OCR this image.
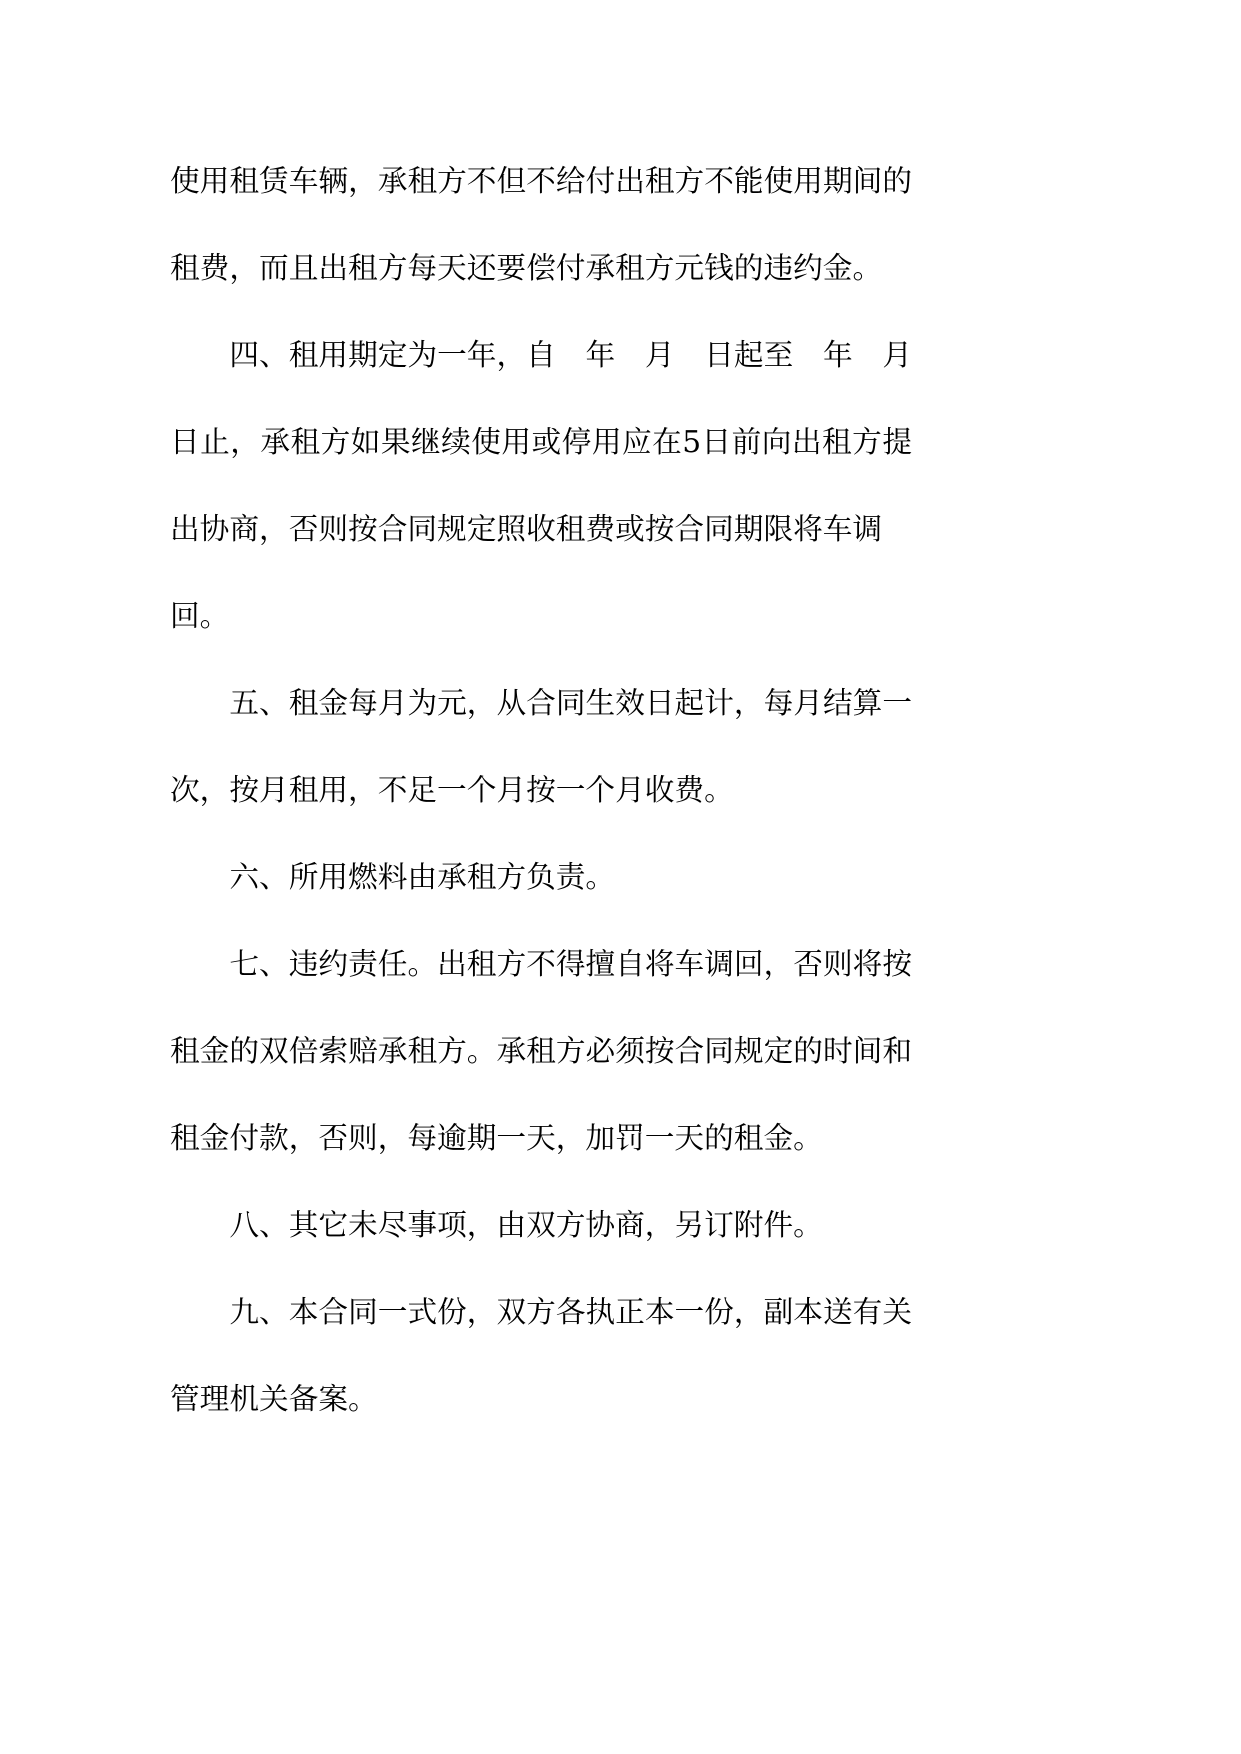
使用租赁车辆，承租方不但不给付出租方不能使用期间的
租费，而且出租方每天还要偿付承租方元钱的违约金。
四、租用期定为一年，自　年　月　日起至　年　月
日止，承租方如果继续使用或停用应在5日前向出租方提
出协商，否则按合同规定照收租费或按合同期限将车调
回。
五、租金每月为元，从合同生效日起计，每月结算一
次，按月租用，不足一个月按一个月收费。
六、所用燃料由承租方负责。
七、违约责任。出租方不得擅自将车调回，否则将按
租金的双倍索赔承租方。承租方必须按合同规定的时间和
租金付款，否则，每逾期一天，加罚一天的租金。
八、其它未尽事项，由双方协商，另订附件。
九、本合同一式份，双方各执正本一份，副本送有关
管理机关备案。
